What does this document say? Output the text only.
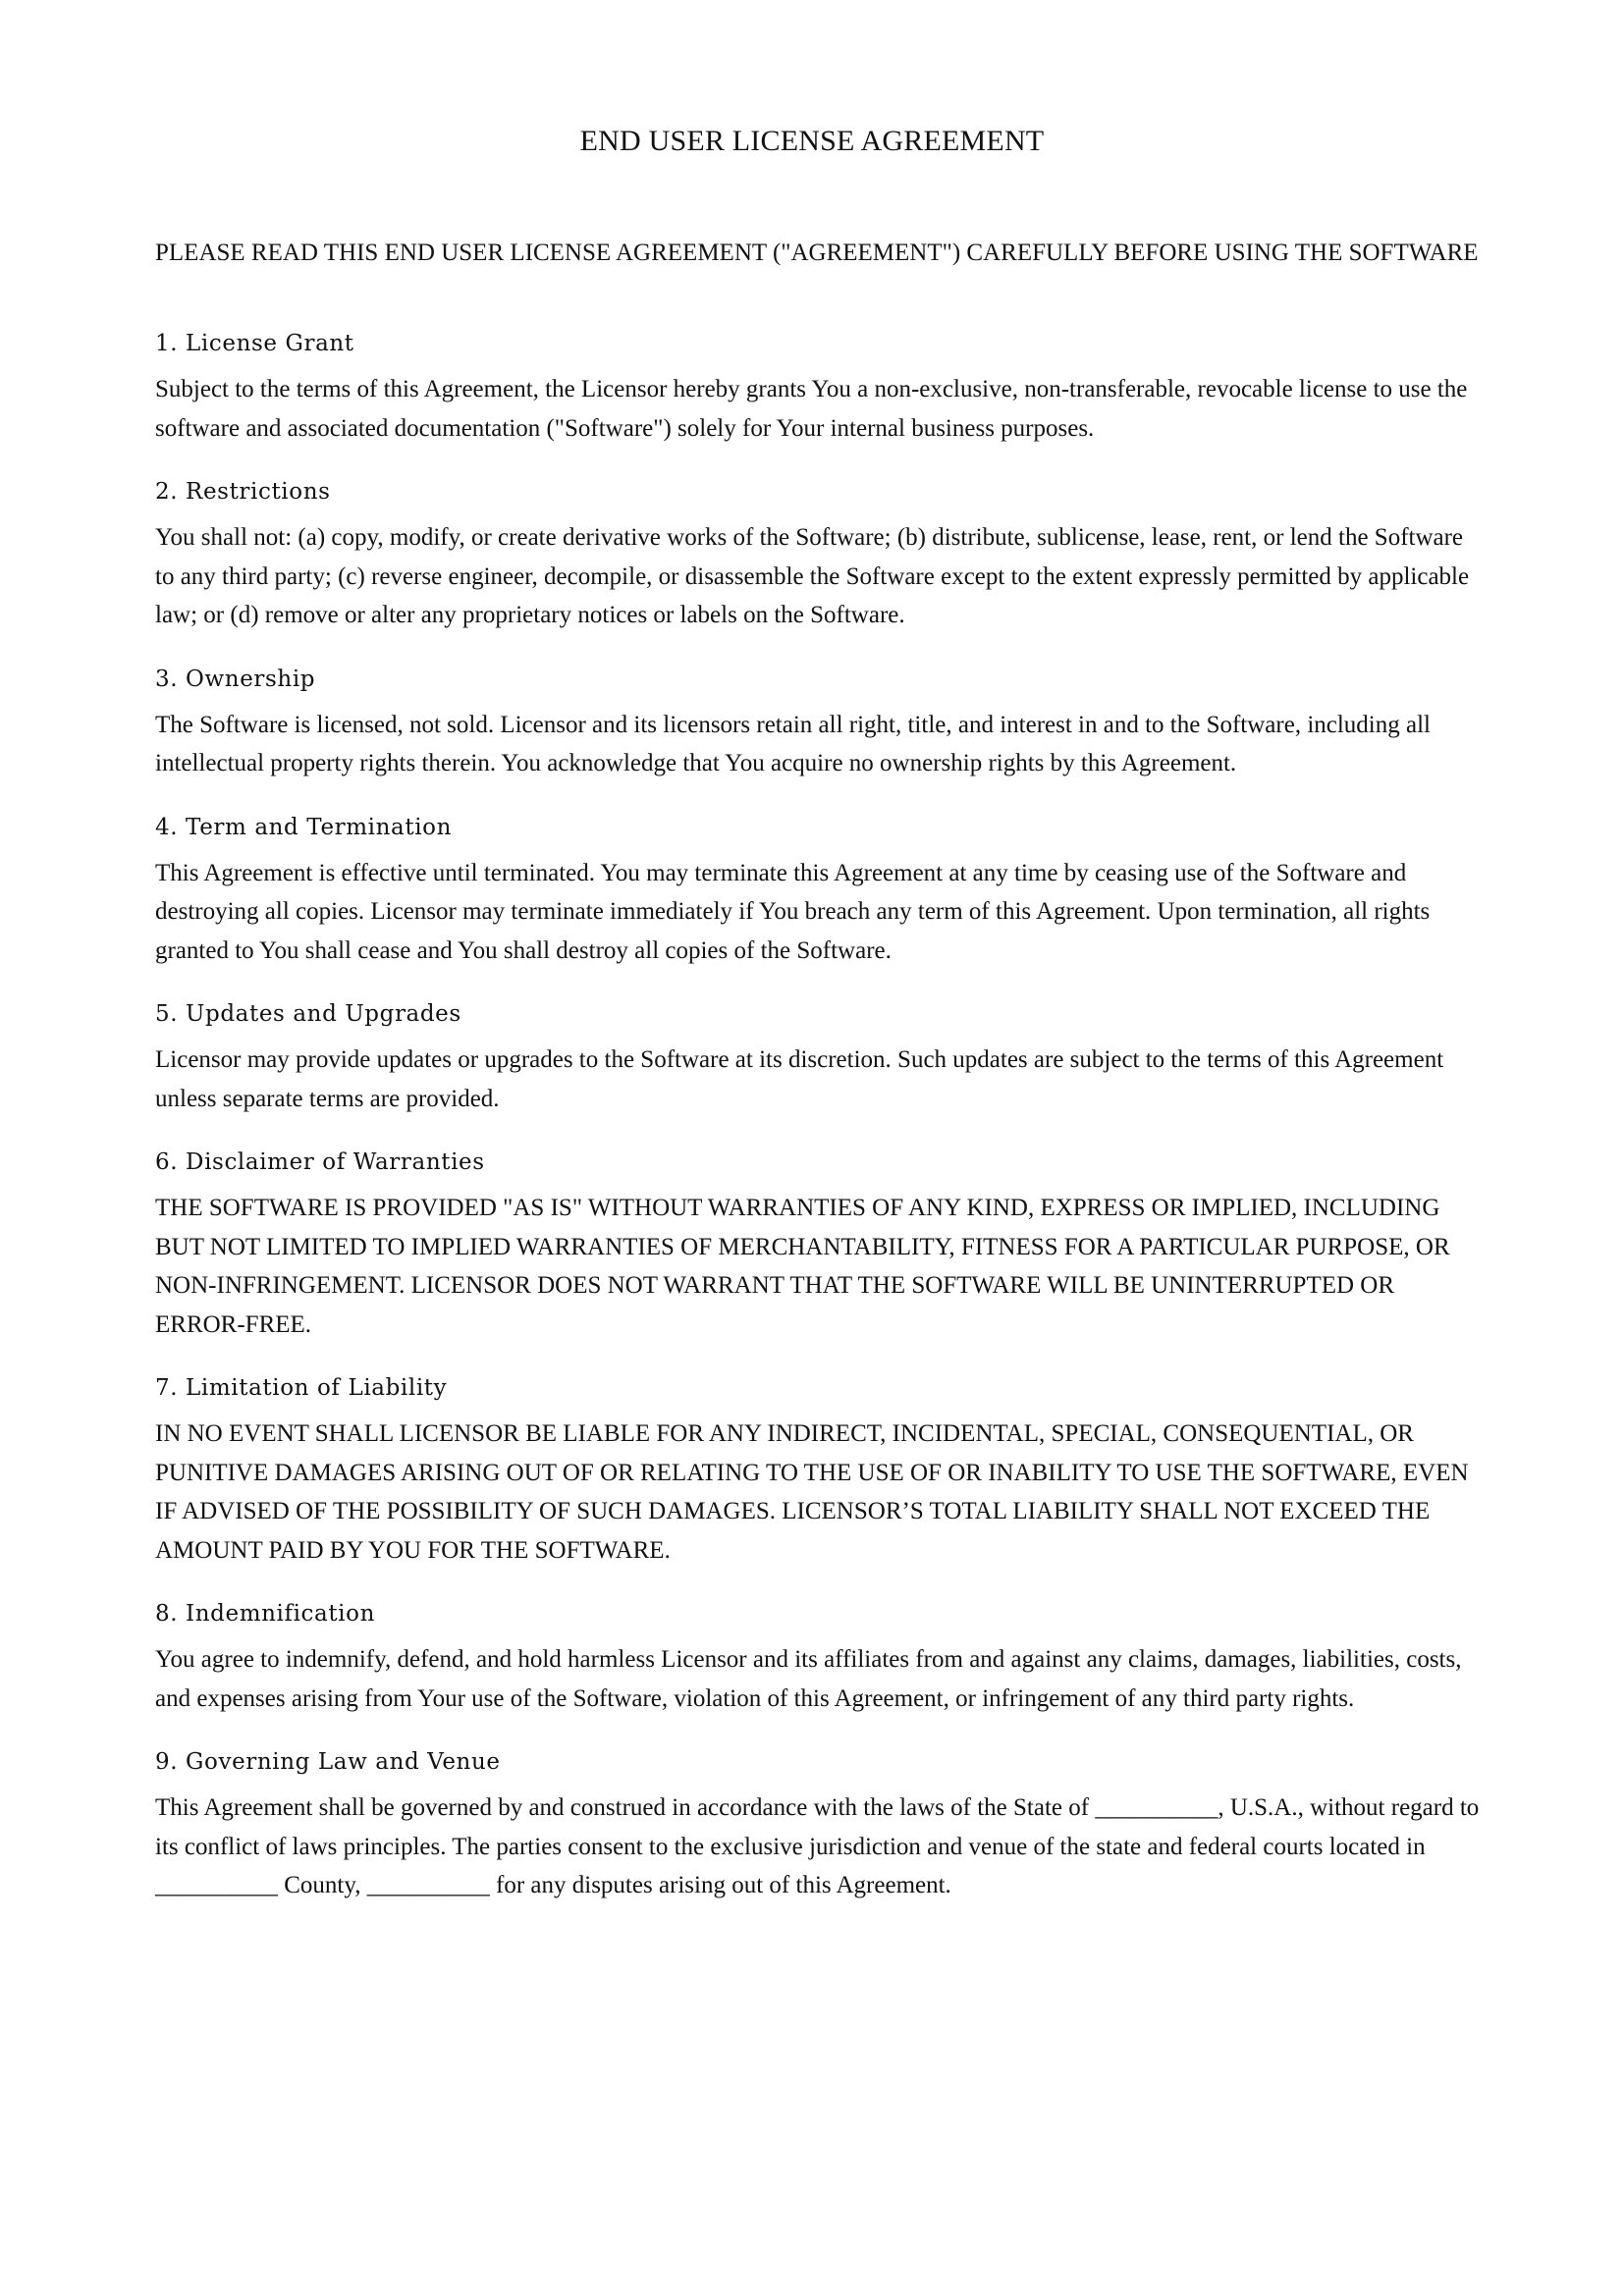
END USER LICENSE AGREEMENT

PLEASE READ THIS END USER LICENSE AGREEMENT ("AGREEMENT") CAREFULLY BEFORE USING THE SOFTWARE

1. License Grant

Subject to the terms of this Agreement, the Licensor hereby grants You a non-exclusive, non-transferable, revocable license to use the software and associated documentation ("Software") solely for Your internal business purposes.

2. Restrictions

You shall not: (a) copy, modify, or create derivative works of the Software; (b) distribute, sublicense, lease, rent, or lend the Software to any third party; (c) reverse engineer, decompile, or disassemble the Software except to the extent expressly permitted by applicable law; or (d) remove or alter any proprietary notices or labels on the Software.

3. Ownership

The Software is licensed, not sold. Licensor and its licensors retain all right, title, and interest in and to the Software, including all intellectual property rights therein. You acknowledge that You acquire no ownership rights by this Agreement.

4. Term and Termination

This Agreement is effective until terminated. You may terminate this Agreement at any time by ceasing use of the Software and destroying all copies. Licensor may terminate immediately if You breach any term of this Agreement. Upon termination, all rights granted to You shall cease and You shall destroy all copies of the Software.

5. Updates and Upgrades

Licensor may provide updates or upgrades to the Software at its discretion. Such updates are subject to the terms of this Agreement unless separate terms are provided.

6. Disclaimer of Warranties

THE SOFTWARE IS PROVIDED "AS IS" WITHOUT WARRANTIES OF ANY KIND, EXPRESS OR IMPLIED, INCLUDING BUT NOT LIMITED TO IMPLIED WARRANTIES OF MERCHANTABILITY, FITNESS FOR A PARTICULAR PURPOSE, OR NON-INFRINGEMENT. LICENSOR DOES NOT WARRANT THAT THE SOFTWARE WILL BE UNINTERRUPTED OR ERROR-FREE.

7. Limitation of Liability

IN NO EVENT SHALL LICENSOR BE LIABLE FOR ANY INDIRECT, INCIDENTAL, SPECIAL, CONSEQUENTIAL, OR PUNITIVE DAMAGES ARISING OUT OF OR RELATING TO THE USE OF OR INABILITY TO USE THE SOFTWARE, EVEN IF ADVISED OF THE POSSIBILITY OF SUCH DAMAGES. LICENSOR’S TOTAL LIABILITY SHALL NOT EXCEED THE AMOUNT PAID BY YOU FOR THE SOFTWARE.

8. Indemnification

You agree to indemnify, defend, and hold harmless Licensor and its affiliates from and against any claims, damages, liabilities, costs, and expenses arising from Your use of the Software, violation of this Agreement, or infringement of any third party rights.

9. Governing Law and Venue

This Agreement shall be governed by and construed in accordance with the laws of the State of __________, U.S.A., without regard to its conflict of laws principles. The parties consent to the exclusive jurisdiction and venue of the state and federal courts located in __________ County, __________ for any disputes arising out of this Agreement.
